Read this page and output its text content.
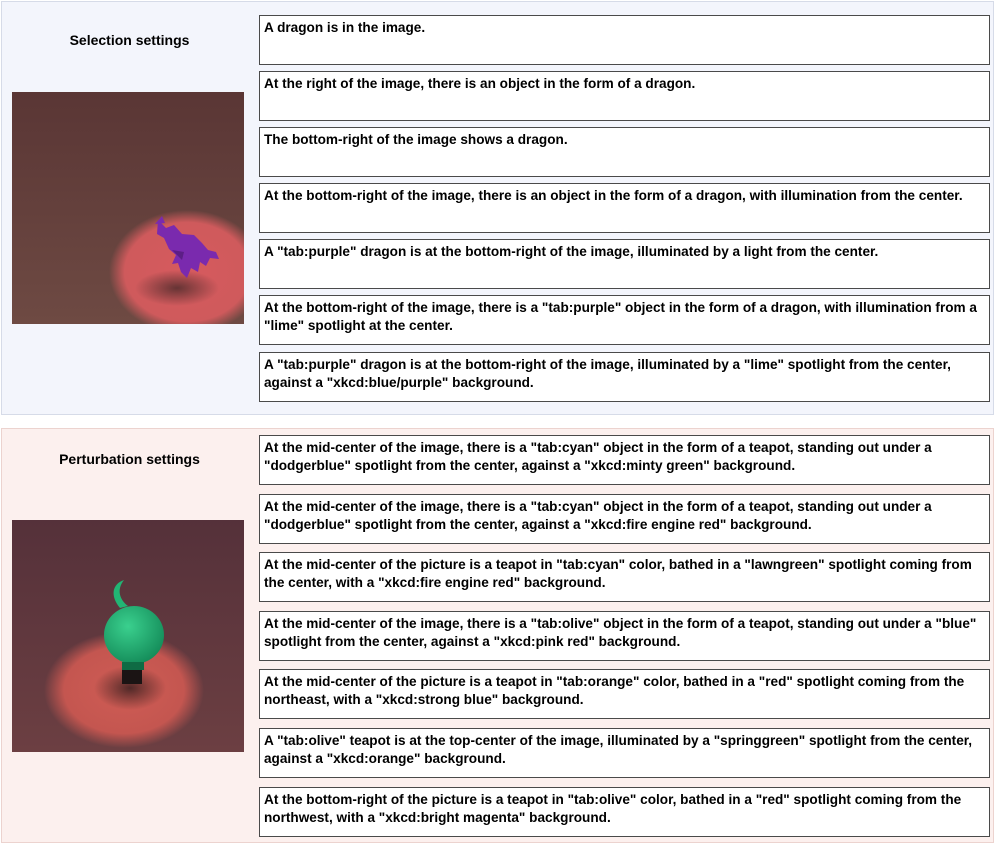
Selection settings
A dragon is in the image.
At the right of the image, there is an object in the form of a dragon.
The bottom-right of the image shows a dragon.
At the bottom-right of the image, there is an object in the form of a dragon, with illumination from the center.
A "tab:purple" dragon is at the bottom-right of the image, illuminated by a light from the center.
At the bottom-right of the image, there is a "tab:purple" object in the form of a dragon, with illumination from a "lime" spotlight at the center.
A "tab:purple" dragon is at the bottom-right of the image, illuminated by a "lime" spotlight from the center, against a "xkcd:blue/purple" background.
Perturbation settings
At the mid-center of the image, there is a "tab:cyan" object in the form of a teapot, standing out under a "dodgerblue" spotlight from the center, against a "xkcd:minty green" background.
At the mid-center of the image, there is a "tab:cyan" object in the form of a teapot, standing out under a "dodgerblue" spotlight from the center, against a "xkcd:fire engine red" background.
At the mid-center of the picture is a teapot in "tab:cyan" color, bathed in a "lawngreen" spotlight coming from the center, with a "xkcd:fire engine red" background.
At the mid-center of the image, there is a "tab:olive" object in the form of a teapot, standing out under a "blue" spotlight from the center, against a "xkcd:pink red" background.
At the mid-center of the picture is a teapot in "tab:orange" color, bathed in a "red" spotlight coming from the northeast, with a "xkcd:strong blue" background.
A "tab:olive" teapot is at the top-center of the image, illuminated by a "springgreen" spotlight from the center, against a "xkcd:orange" background.
At the bottom-right of the picture is a teapot in "tab:olive" color, bathed in a "red" spotlight coming from the northwest, with a "xkcd:bright magenta" background.
